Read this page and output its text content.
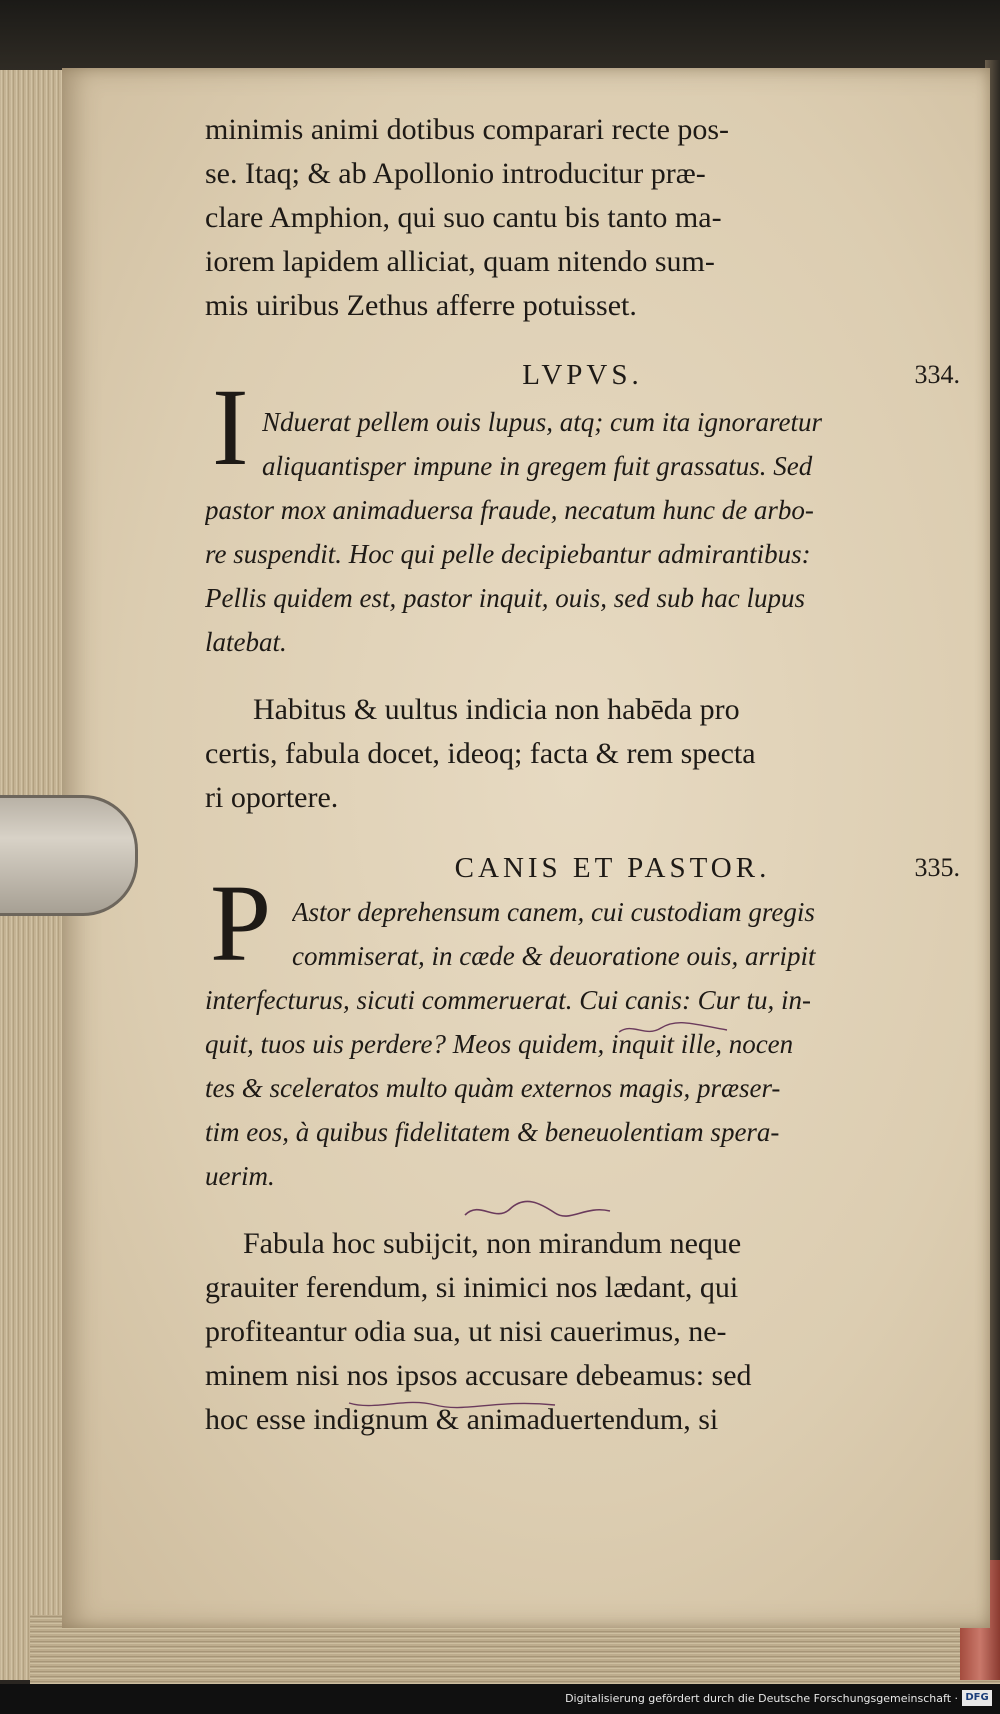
minimis animi dotibus comparari recte pos-
se. Itaq; & ab Apollonio introducitur præ-
clare Amphion, qui suo cantu bis tanto ma-
iorem lapidem alliciat, quam nitendo sum-
mis uiribus Zethus afferre potuisset.
LVPVS.	334.
I Nduerat pellem ouis lupus, atq; cum ita ignoraretur
aliquantisper impune in gregem fuit grassatus. Sed
pastor mox animaduersa fraude, necatum hunc de arbo-
re suspendit. Hoc qui pelle decipiebantur admirantibus:
Pellis quidem est, pastor inquit, ouis, sed sub hac lupus
latebat.
Habitus & uultus indicia non habēda pro
certis, fabula docet, ideoq; facta & rem specta
ri oportere.
CANIS ET PASTOR.	335.
P Astor deprehensum canem, cui custodiam gregis
commiserat, in cæde & deuoratione ouis, arripit
interfecturus, sicuti commeruerat. Cui canis: Cur tu, in-
quit, tuos uis perdere? Meos quidem, inquit ille, nocen
tes & sceleratos multo quàm externos magis, præser-
tim eos, à quibus fidelitatem & beneuolentiam spera-
uerim.
Fabula hoc subijcit, non mirandum neque
grauiter ferendum, si inimici nos lædant, qui
profiteantur odia sua, ut nisi cauerimus, ne-
minem nisi nos ipsos accusare debeamus: sed
hoc esse indignum & animaduertendum, si
Digitalisierung gefördert durch die Deutsche Forschungsgemeinschaft · DFG
